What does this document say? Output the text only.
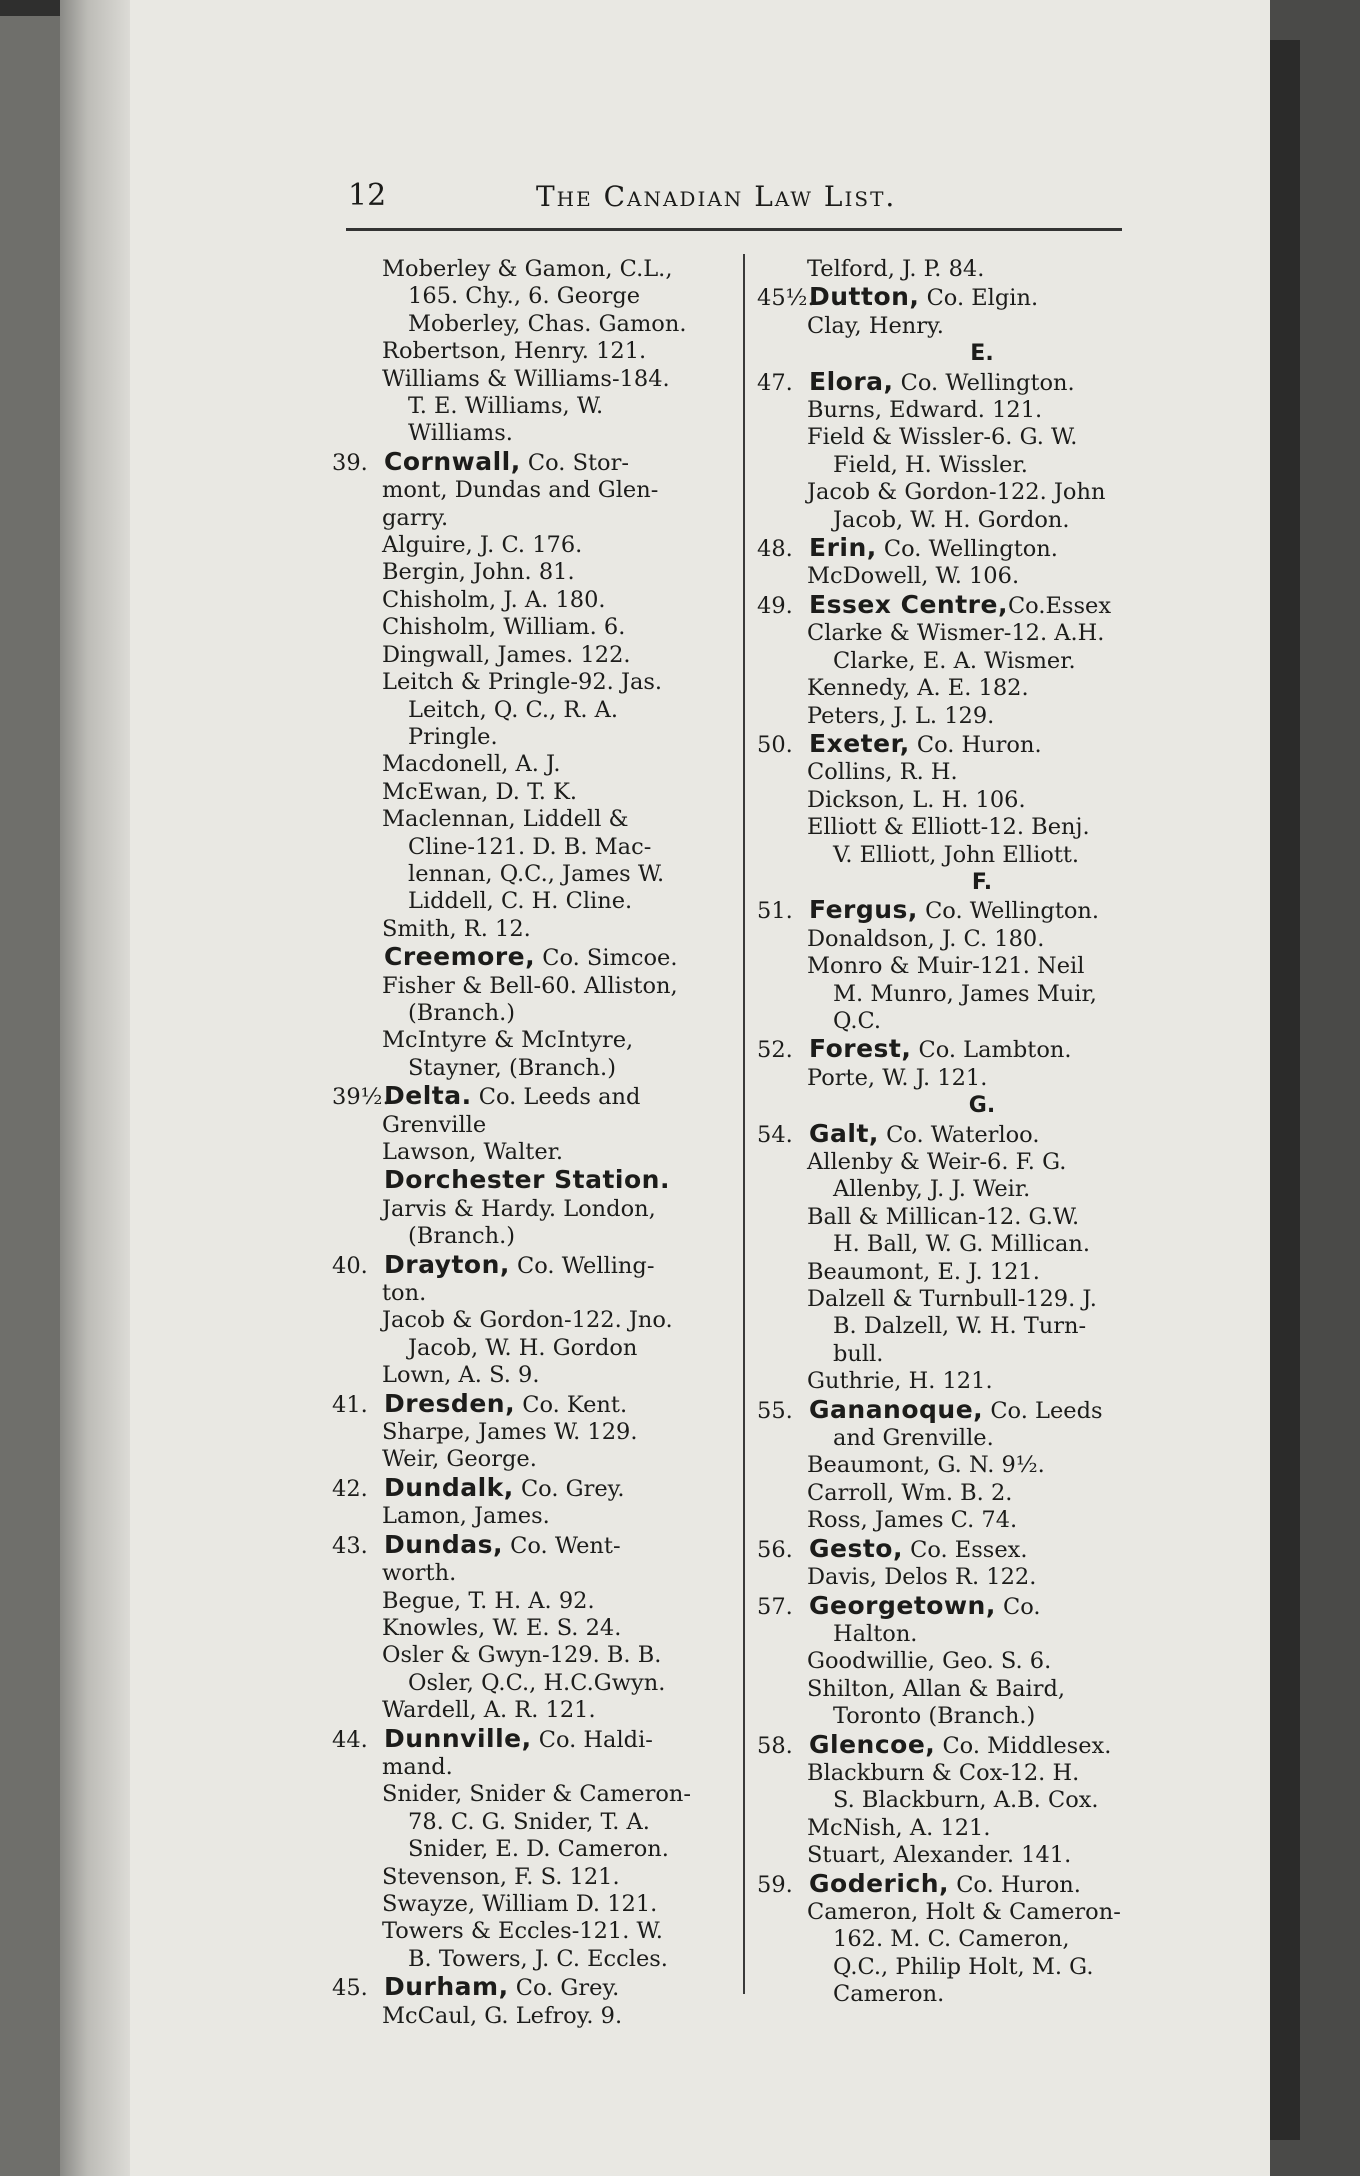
12	The Canadian Law List.
Moberley & Gamon, C.L.,
165. Chy., 6. George
Moberley, Chas. Gamon.
Robertson, Henry. 121.
Williams & Williams-184.
T. E. Williams, W.
Williams.
39. Cornwall, Co. Stor-
mont, Dundas and Glen-
garry.
Alguire, J. C. 176.
Bergin, John. 81.
Chisholm, J. A. 180.
Chisholm, William. 6.
Dingwall, James. 122.
Leitch & Pringle-92. Jas.
Leitch, Q. C., R. A.
Pringle.
Macdonell, A. J.
McEwan, D. T. K.
Maclennan, Liddell &
Cline-121. D. B. Mac-
lennan, Q.C., James W.
Liddell, C. H. Cline.
Smith, R. 12.
Creemore, Co. Simcoe.
Fisher & Bell-60. Alliston,
(Branch.)
McIntyre & McIntyre,
Stayner, (Branch.)
39½.Delta. Co. Leeds and
Grenville
Lawson, Walter.
Dorchester Station.
Jarvis & Hardy. London,
(Branch.)
40. Drayton, Co. Welling-
ton.
Jacob & Gordon-122. Jno.
Jacob, W. H. Gordon
Lown, A. S. 9.
41. Dresden, Co. Kent.
Sharpe, James W. 129.
Weir, George.
42. Dundalk, Co. Grey.
Lamon, James.
43. Dundas, Co. Went-
worth.
Begue, T. H. A. 92.
Knowles, W. E. S. 24.
Osler & Gwyn-129. B. B.
Osler, Q.C., H.C.Gwyn.
Wardell, A. R. 121.
44. Dunnville, Co. Haldi-
mand.
Snider, Snider & Cameron-
78. C. G. Snider, T. A.
Snider, E. D. Cameron.
Stevenson, F. S. 121.
Swayze, William D. 121.
Towers & Eccles-121. W.
B. Towers, J. C. Eccles.
45. Durham, Co. Grey.
McCaul, G. Lefroy. 9.
Telford, J. P. 84.
45½.Dutton, Co. Elgin.
Clay, Henry.
E.
47. Elora, Co. Wellington.
Burns, Edward. 121.
Field & Wissler-6. G. W.
Field, H. Wissler.
Jacob & Gordon-122. John
Jacob, W. H. Gordon.
48. Erin, Co. Wellington.
McDowell, W. 106.
49. Essex Centre,Co.Essex
Clarke & Wismer-12. A.H.
Clarke, E. A. Wismer.
Kennedy, A. E. 182.
Peters, J. L. 129.
50. Exeter, Co. Huron.
Collins, R. H.
Dickson, L. H. 106.
Elliott & Elliott-12. Benj.
V. Elliott, John Elliott.
F.
51. Fergus, Co. Wellington.
Donaldson, J. C. 180.
Monro & Muir-121. Neil
M. Munro, James Muir,
Q.C.
52. Forest, Co. Lambton.
Porte, W. J. 121.
G.
54. Galt, Co. Waterloo.
Allenby & Weir-6. F. G.
Allenby, J. J. Weir.
Ball & Millican-12. G.W.
H. Ball, W. G. Millican.
Beaumont, E. J. 121.
Dalzell & Turnbull-129. J.
B. Dalzell, W. H. Turn-
bull.
Guthrie, H. 121.
55. Gananoque, Co. Leeds
and Grenville.
Beaumont, G. N. 9½.
Carroll, Wm. B. 2.
Ross, James C. 74.
56. Gesto, Co. Essex.
Davis, Delos R. 122.
57. Georgetown, Co.
Halton.
Goodwillie, Geo. S. 6.
Shilton, Allan & Baird,
Toronto (Branch.)
58. Glencoe, Co. Middlesex.
Blackburn & Cox-12. H.
S. Blackburn, A.B. Cox.
McNish, A. 121.
Stuart, Alexander. 141.
59. Goderich, Co. Huron.
Cameron, Holt & Cameron-
162. M. C. Cameron,
Q.C., Philip Holt, M. G.
Cameron.
